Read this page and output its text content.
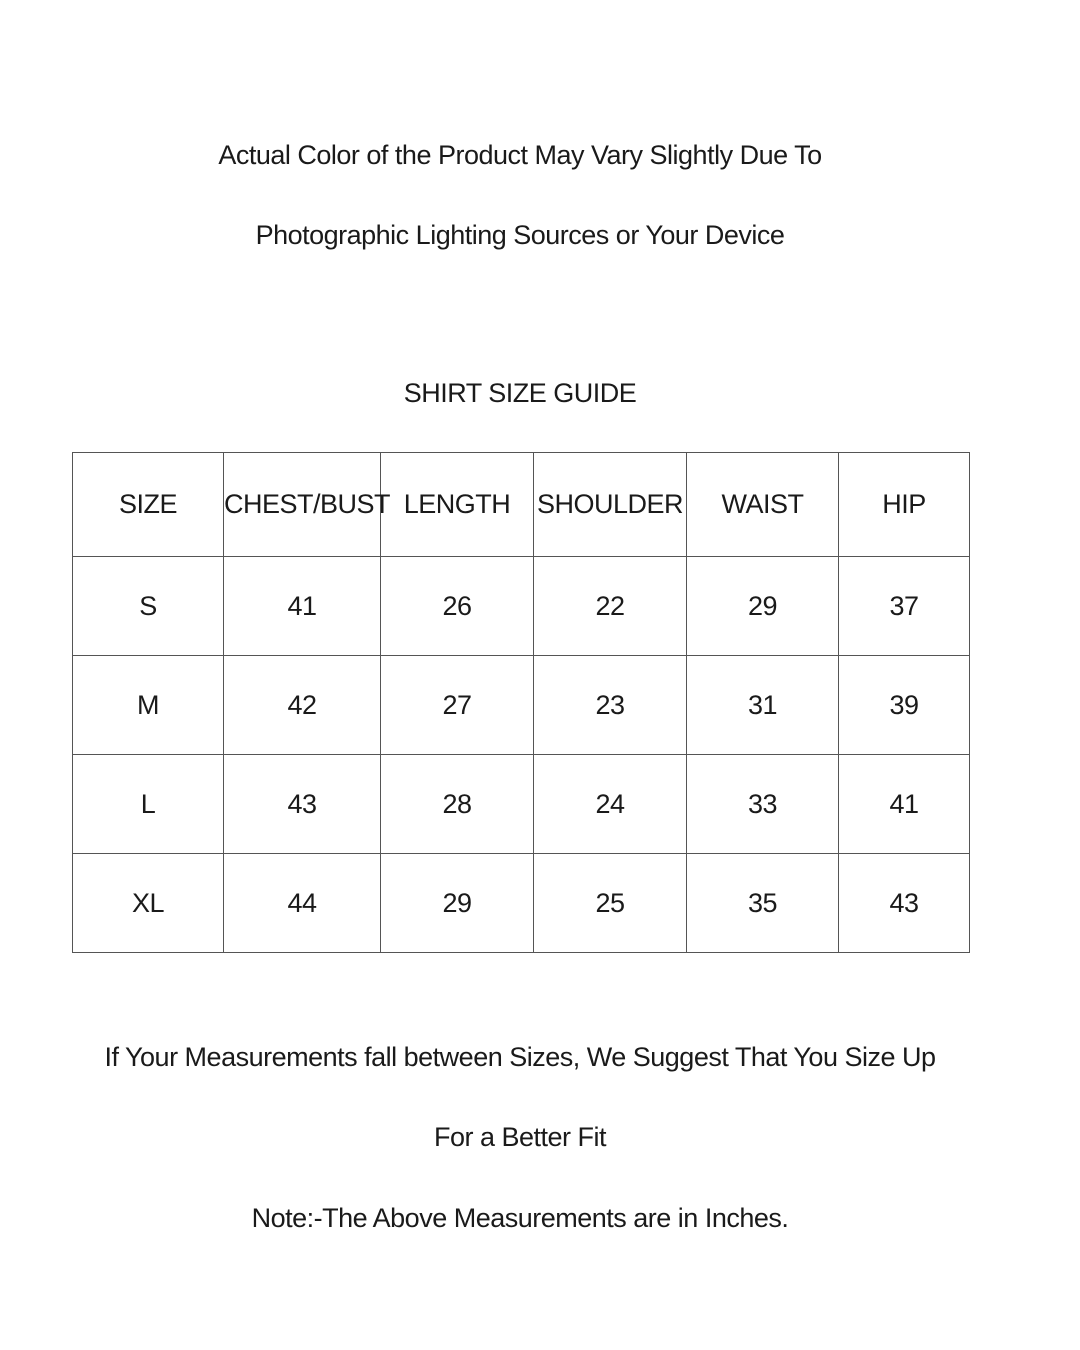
Actual Color of the Product May Vary Slightly Due To
Photographic Lighting Sources or Your Device
SHIRT SIZE GUIDE
SIZE	CHEST/BUST	LENGTH	SHOULDER	WAIST	HIP
S	41	26	22	29	37
M	42	27	23	31	39
L	43	28	24	33	41
XL	44	29	25	35	43
If Your Measurements fall between Sizes, We Suggest That You Size Up
For a Better Fit
Note:-The Above Measurements are in Inches.
